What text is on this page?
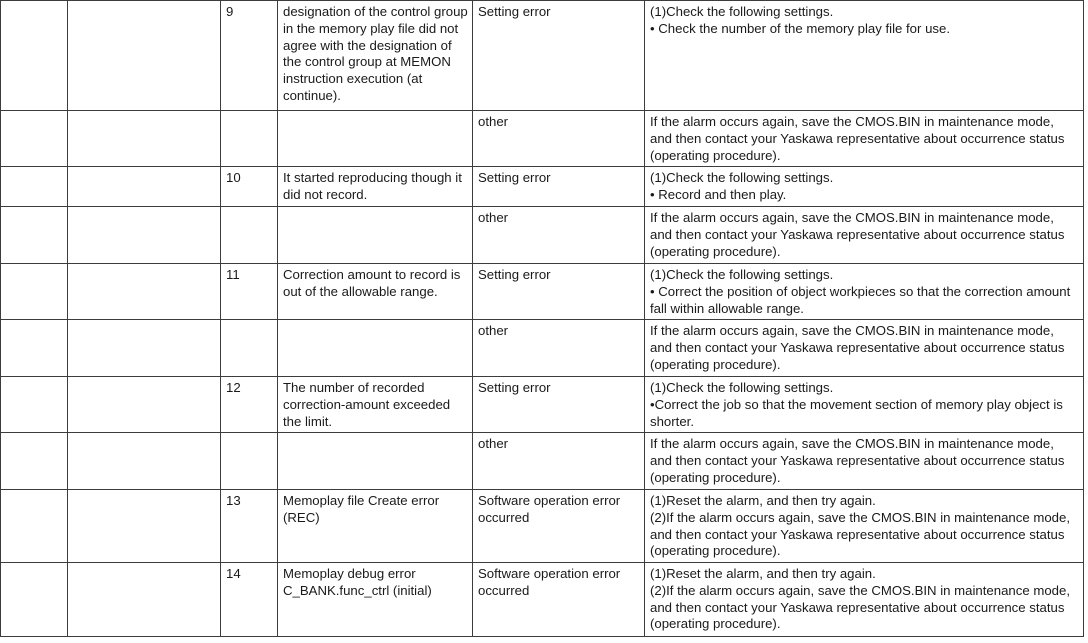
		9	designation of the control group in the memory play file did not agree with the designation of the control group at MEMON instruction execution (at continue).	Setting error	(1)Check the following settings.
• Check the number of the memory play file for use.

				other	If the alarm occurs again, save the CMOS.BIN in maintenance mode, and then contact your Yaskawa representative about occurrence status (operating procedure).
		10	It started reproducing though it did not record.	Setting error	(1)Check the following settings.
• Record and then play.

				other	If the alarm occurs again, save the CMOS.BIN in maintenance mode, and then contact your Yaskawa representative about occurrence status (operating procedure).
		11	Correction amount to record is out of the allowable range.	Setting error	(1)Check the following settings.
• Correct the position of object workpieces so that the correction amount fall within allowable range.

				other	If the alarm occurs again, save the CMOS.BIN in maintenance mode, and then contact your Yaskawa representative about occurrence status (operating procedure).
		12	The number of recorded correction-amount exceeded the limit.	Setting error	(1)Check the following settings.
•Correct the job so that the movement section of memory play object is shorter.

				other	If the alarm occurs again, save the CMOS.BIN in maintenance mode, and then contact your Yaskawa representative about occurrence status (operating procedure).
		13	Memoplay file Create error (REC)	Software operation error occurred	(1)Reset the alarm, and then try again.
(2)If the alarm occurs again, save the CMOS.BIN in maintenance mode, and then contact your Yaskawa representative about occurrence status (operating procedure).

		14	Memoplay debug error C_BANK.func_ctrl (initial)	Software operation error occurred	(1)Reset the alarm, and then try again.
(2)If the alarm occurs again, save the CMOS.BIN in maintenance mode, and then contact your Yaskawa representative about occurrence status (operating procedure).
